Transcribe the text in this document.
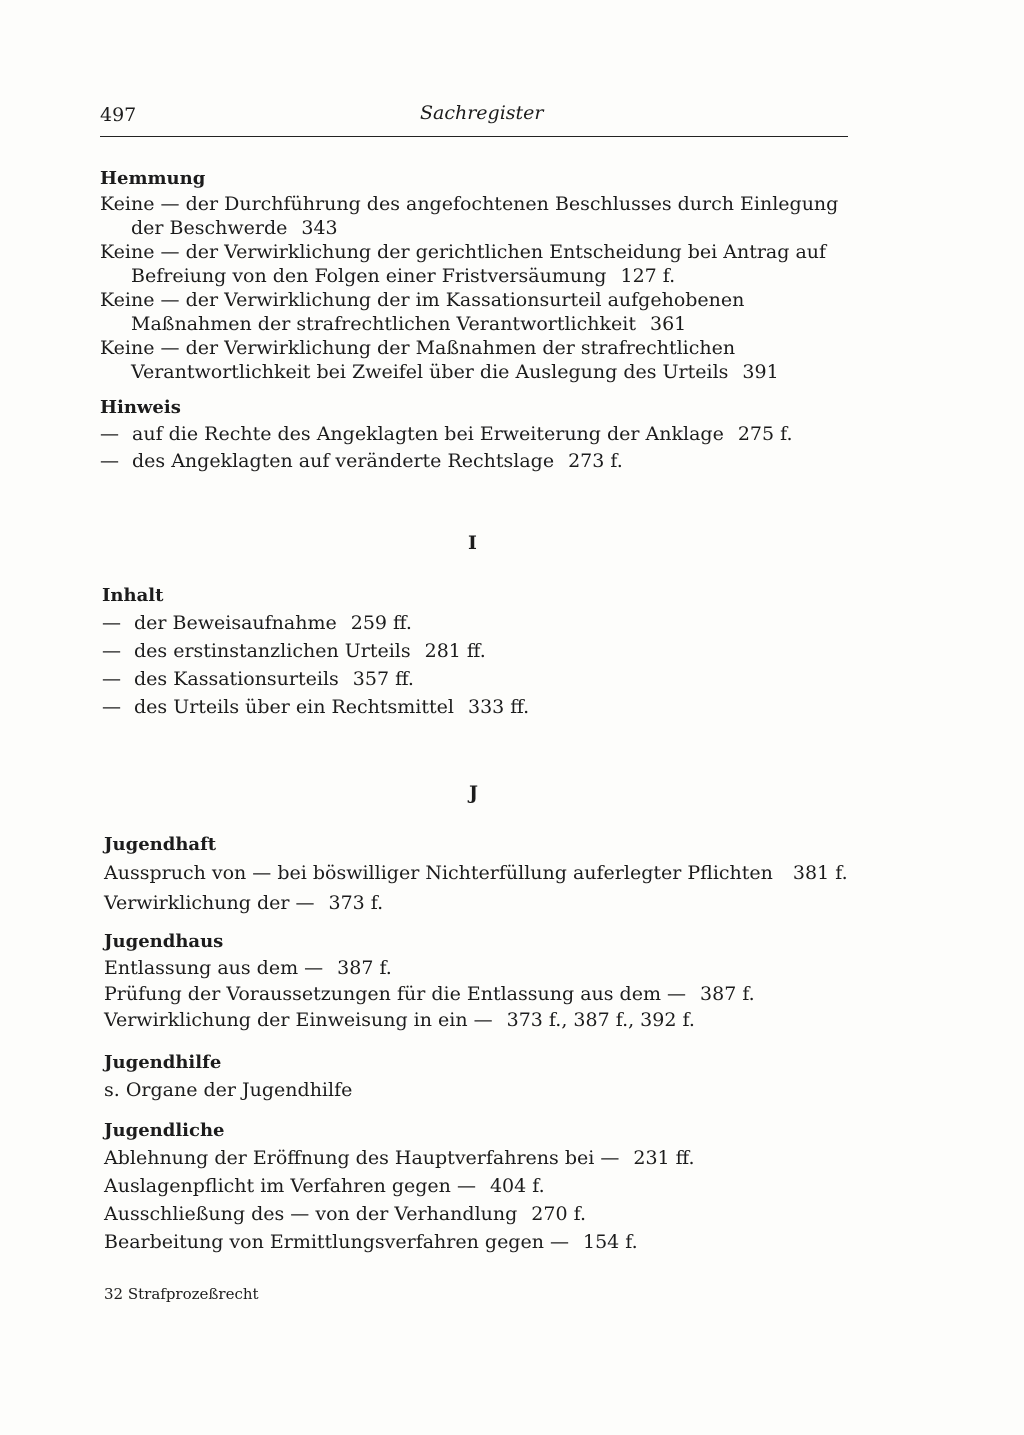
497	Sachregister

Hemmung

Keine — der Durchführung des angefochtenen Beschlusses durch Einlegung der Beschwerde 343

Keine — der Verwirklichung der gerichtlichen Entscheidung bei Antrag auf Befreiung von den Folgen einer Fristversäumung 127 f.

Keine — der Verwirklichung der im Kassationsurteil aufgehobenen Maßnahmen der strafrechtlichen Verantwortlichkeit 361

Keine — der Verwirklichung der Maßnahmen der strafrechtlichen Verantwortlichkeit bei Zweifel über die Auslegung des Urteils 391

Hinweis

— auf die Rechte des Angeklagten bei Erweiterung der Anklage 275 f.
— des Angeklagten auf veränderte Rechtslage 273 f.
I

Inhalt

— der Beweisaufnahme 259 ff.
— des erstinstanzlichen Urteils 281 ff.
— des Kassationsurteils 357 ff.
— des Urteils über ein Rechtsmittel 333 ff.
J

Jugendhaft

Ausspruch von — bei böswilliger Nichterfüllung auferlegter Pflichten 381 f.

Verwirklichung der — 373 f.

Jugendhaus

Entlassung aus dem — 387 f.

Prüfung der Voraussetzungen für die Entlassung aus dem — 387 f.

Verwirklichung der Einweisung in ein — 373 f., 387 f., 392 f.

Jugendhilfe

s. Organe der Jugendhilfe

Jugendliche

Ablehnung der Eröffnung des Hauptverfahrens bei — 231 ff.

Auslagenpflicht im Verfahren gegen — 404 f.

Ausschließung des — von der Verhandlung 270 f.

Bearbeitung von Ermittlungsverfahren gegen — 154 f.

32 Strafprozeßrecht
